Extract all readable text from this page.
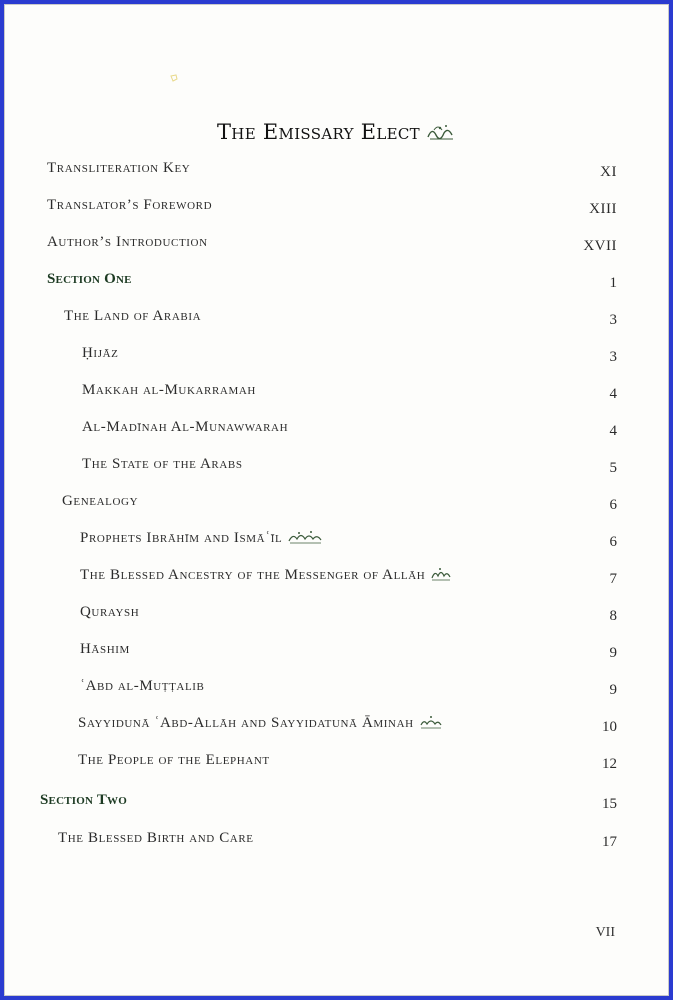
The Emissary Elect
Transliteration Key	XI
Translator’s Foreword	XIII
Author’s Introduction	XVII
Section One	1
The Land of Arabia	3
Ḥijāz	3
Makkah al-Mukarramah	4
Al-Madīnah Al-Munawwarah	4
The State of the Arabs	5
Genealogy	6
Prophets Ibrāhīm and Ismāʿīl	6
The Blessed Ancestry of the Messenger of Allāh	7
Quraysh	8
Hāshim	9
ʿAbd al-Muṭṭalib	9
Sayyidunā ʿAbd-Allāh and Sayyidatunā Āminah	10
The People of the Elephant	12
Section Two	15
The Blessed Birth and Care	17
VII
